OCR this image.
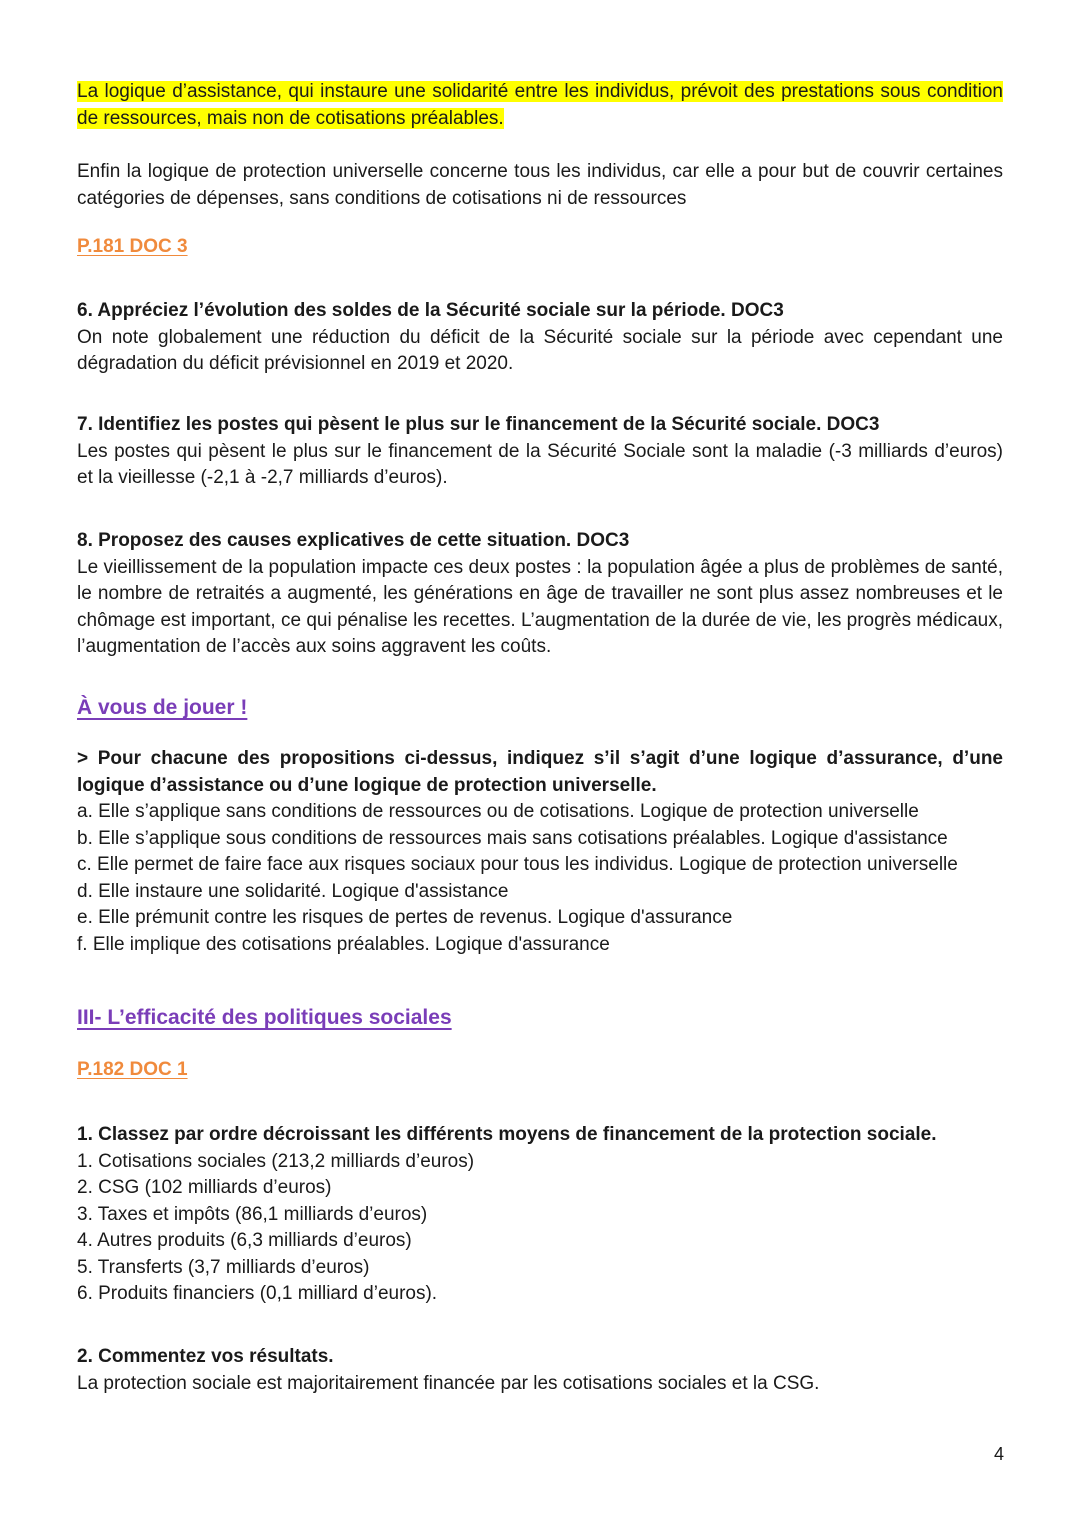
La logique d’assistance, qui instaure une solidarité entre les individus, prévoit des prestations sous condition de ressources, mais non de cotisations préalables.
Enfin la logique de protection universelle concerne tous les individus, car elle a pour but de couvrir certaines catégories de dépenses, sans conditions de cotisations ni de ressources
P.181 DOC 3
6. Appréciez l’évolution des soldes de la Sécurité sociale sur la période. DOC3
On note globalement une réduction du déficit de la Sécurité sociale sur la période avec cependant une dégradation du déficit prévisionnel en 2019 et 2020.
7. Identifiez les postes qui pèsent le plus sur le financement de la Sécurité sociale. DOC3
Les postes qui pèsent le plus sur le financement de la Sécurité Sociale sont la maladie (-3 milliards d’euros) et la vieillesse (-2,1 à -2,7 milliards d’euros).
8. Proposez des causes explicatives de cette situation. DOC3
Le vieillissement de la population impacte ces deux postes : la population âgée a plus de problèmes de santé, le nombre de retraités a augmenté, les générations en âge de travailler ne sont plus assez nombreuses et le chômage est important, ce qui pénalise les recettes. L’augmentation de la durée de vie, les progrès médicaux, l’augmentation de l’accès aux soins aggravent les coûts.
À vous de jouer !
> Pour chacune des propositions ci-dessus, indiquez s’il s’agit d’une logique d’assurance, d’une logique d’assistance ou d’une logique de protection universelle.
a. Elle s’applique sans conditions de ressources ou de cotisations. Logique de protection universelle
b. Elle s’applique sous conditions de ressources mais sans cotisations préalables. Logique d'assistance
c. Elle permet de faire face aux risques sociaux pour tous les individus. Logique de protection universelle
d. Elle instaure une solidarité. Logique d'assistance
e. Elle prémunit contre les risques de pertes de revenus. Logique d'assurance
f. Elle implique des cotisations préalables. Logique d'assurance
III- L’efficacité des politiques sociales
P.182 DOC 1
1. Classez par ordre décroissant les différents moyens de financement de la protection sociale.
1. Cotisations sociales (213,2 milliards d’euros)
2. CSG (102 milliards d’euros)
3. Taxes et impôts (86,1 milliards d’euros)
4. Autres produits (6,3 milliards d’euros)
5. Transferts (3,7 milliards d’euros)
6. Produits financiers (0,1 milliard d’euros).
2. Commentez vos résultats.
La protection sociale est majoritairement financée par les cotisations sociales et la CSG.
4
